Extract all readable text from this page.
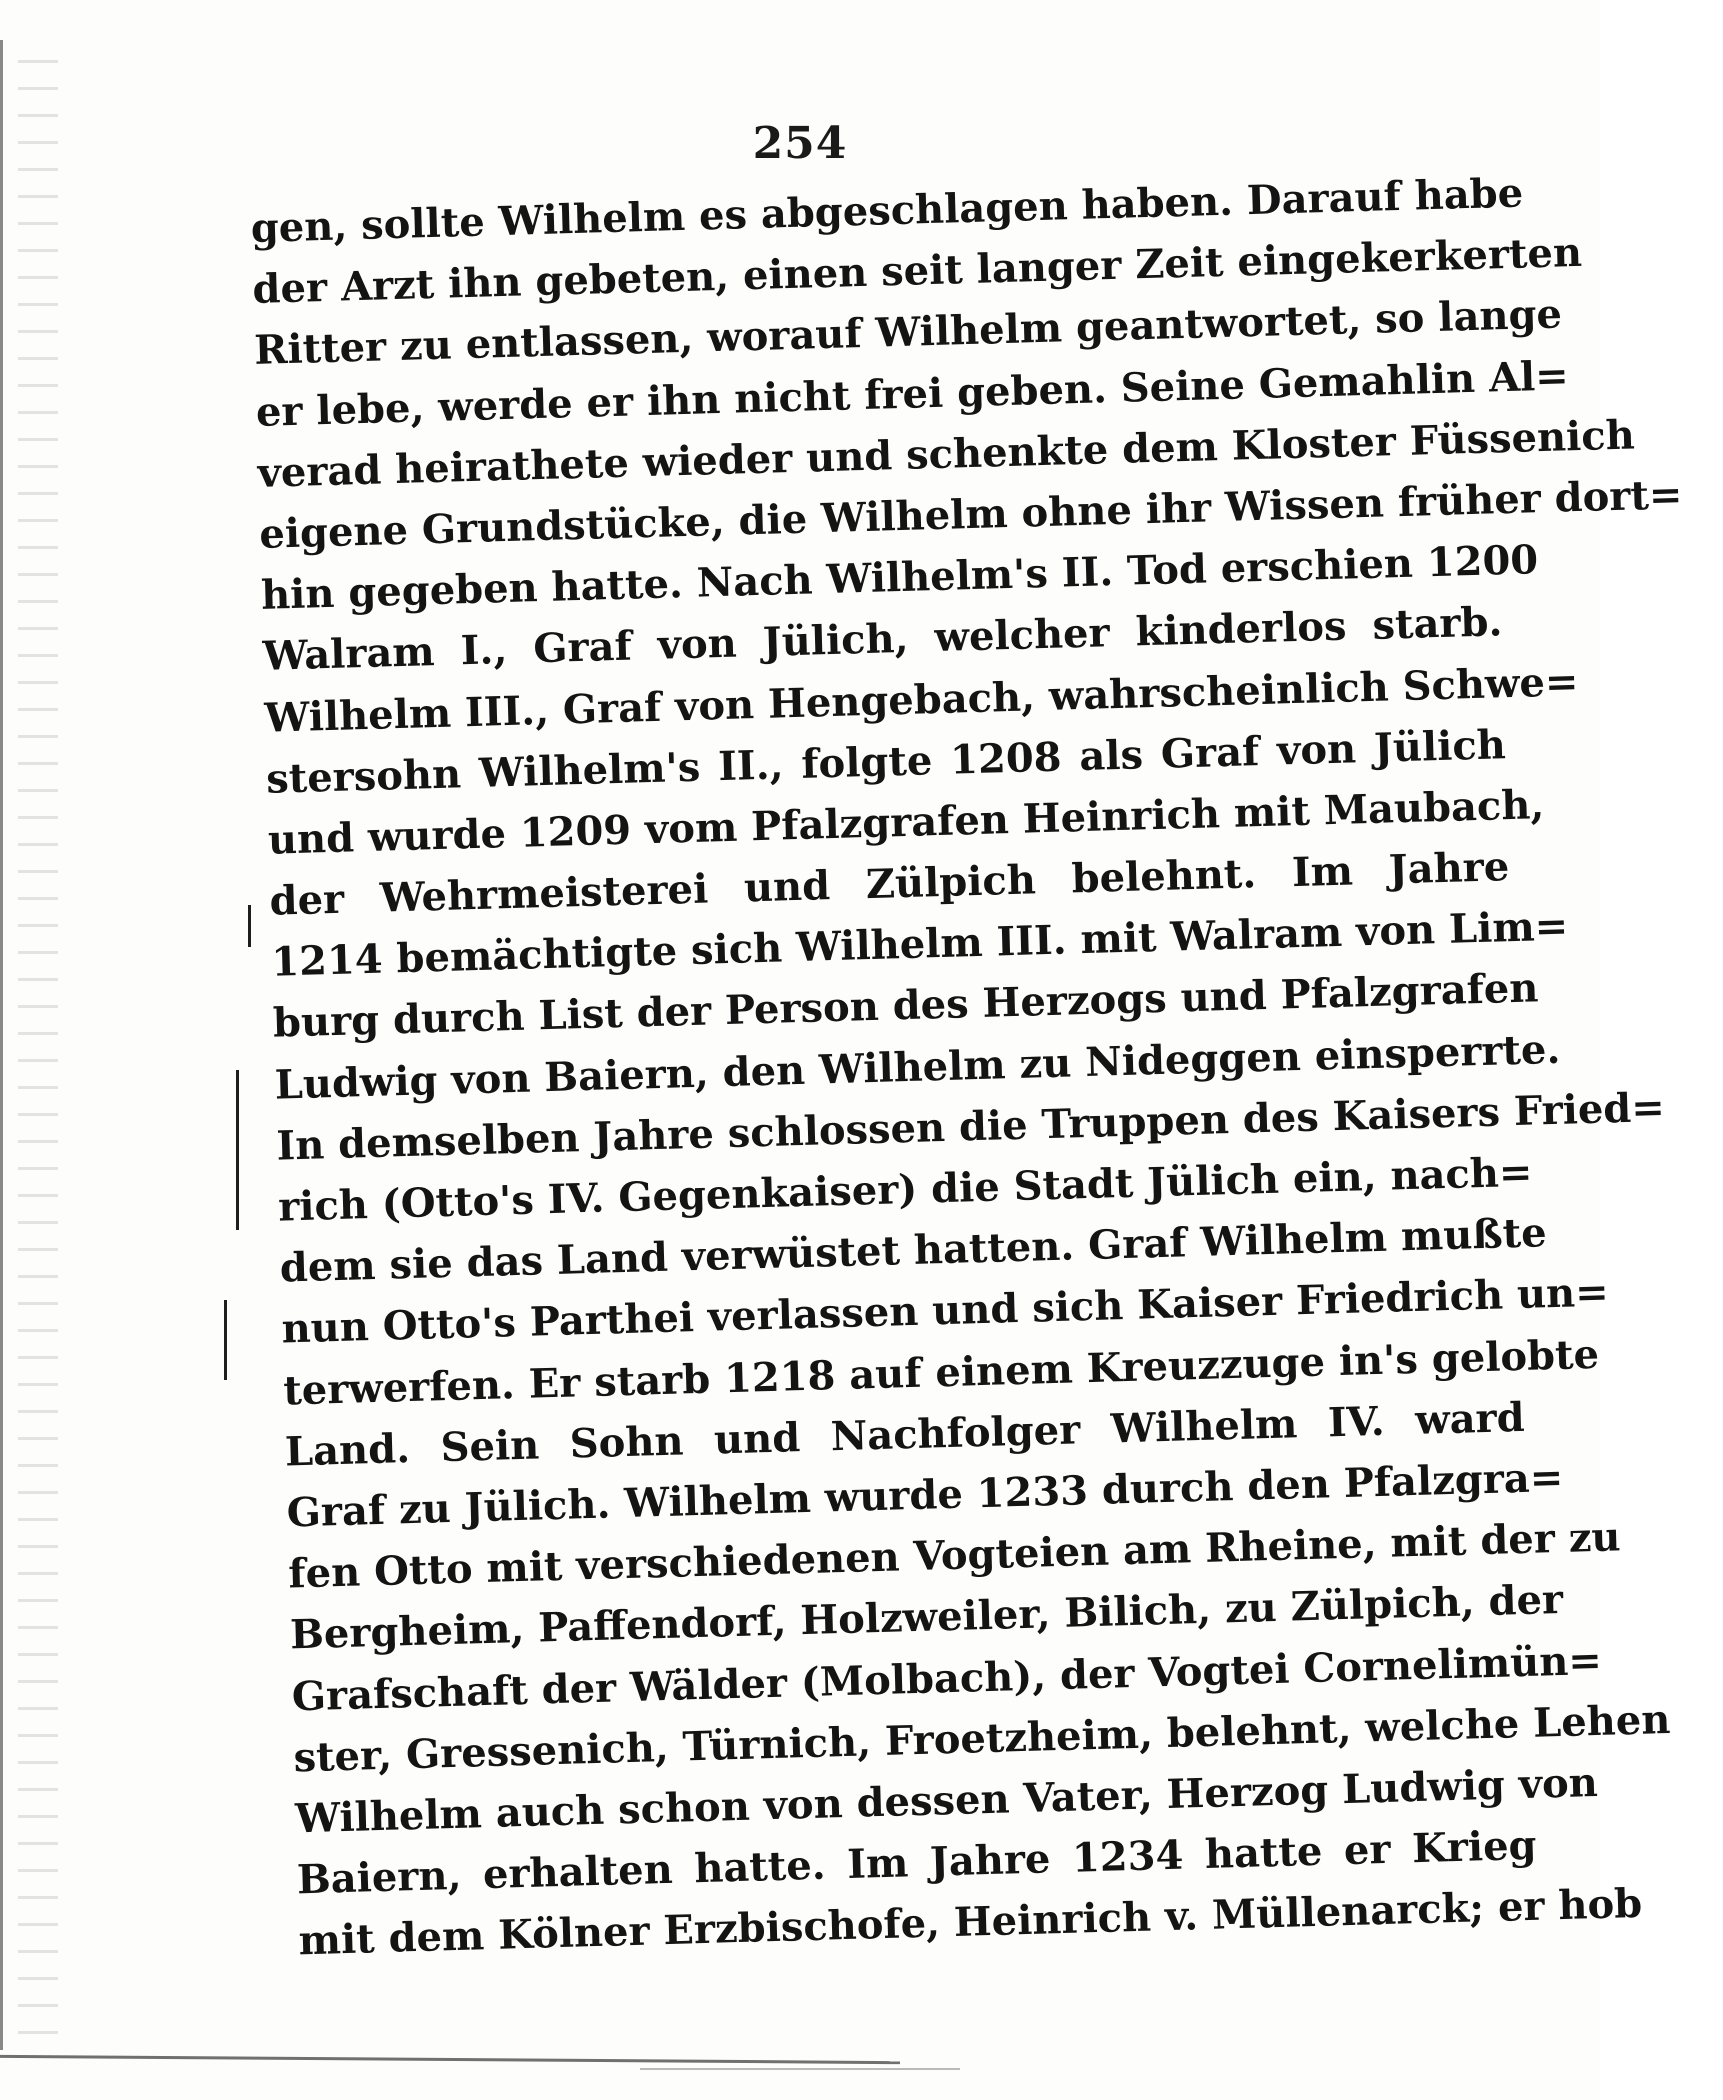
254
gen, sollte Wilhelm es abgeschlagen haben. Darauf habe
der Arzt ihn gebeten, einen seit langer Zeit eingekerkerten
Ritter zu entlassen, worauf Wilhelm geantwortet, so lange
er lebe, werde er ihn nicht frei geben. Seine Gemahlin Al=
verad heirathete wieder und schenkte dem Kloster Füssenich
eigene Grundstücke, die Wilhelm ohne ihr Wissen früher dort=
hin gegeben hatte. Nach Wilhelm's II. Tod erschien 1200
Walram I., Graf von Jülich, welcher kinderlos starb.
Wilhelm III., Graf von Hengebach, wahrscheinlich Schwe=
stersohn Wilhelm's II., folgte 1208 als Graf von Jülich
und wurde 1209 vom Pfalzgrafen Heinrich mit Maubach,
der Wehrmeisterei und Zülpich belehnt. Im Jahre
1214 bemächtigte sich Wilhelm III. mit Walram von Lim=
burg durch List der Person des Herzogs und Pfalzgrafen
Ludwig von Baiern, den Wilhelm zu Nideggen einsperrte.
In demselben Jahre schlossen die Truppen des Kaisers Fried=
rich (Otto's IV. Gegenkaiser) die Stadt Jülich ein, nach=
dem sie das Land verwüstet hatten. Graf Wilhelm mußte
nun Otto's Parthei verlassen und sich Kaiser Friedrich un=
terwerfen. Er starb 1218 auf einem Kreuzzuge in's gelobte
Land. Sein Sohn und Nachfolger Wilhelm IV. ward
Graf zu Jülich. Wilhelm wurde 1233 durch den Pfalzgra=
fen Otto mit verschiedenen Vogteien am Rheine, mit der zu
Bergheim, Paffendorf, Holzweiler, Bilich, zu Zülpich, der
Grafschaft der Wälder (Molbach), der Vogtei Cornelimün=
ster, Gressenich, Türnich, Froetzheim, belehnt, welche Lehen
Wilhelm auch schon von dessen Vater, Herzog Ludwig von
Baiern, erhalten hatte. Im Jahre 1234 hatte er Krieg
mit dem Kölner Erzbischofe, Heinrich v. Müllenarck; er hob
